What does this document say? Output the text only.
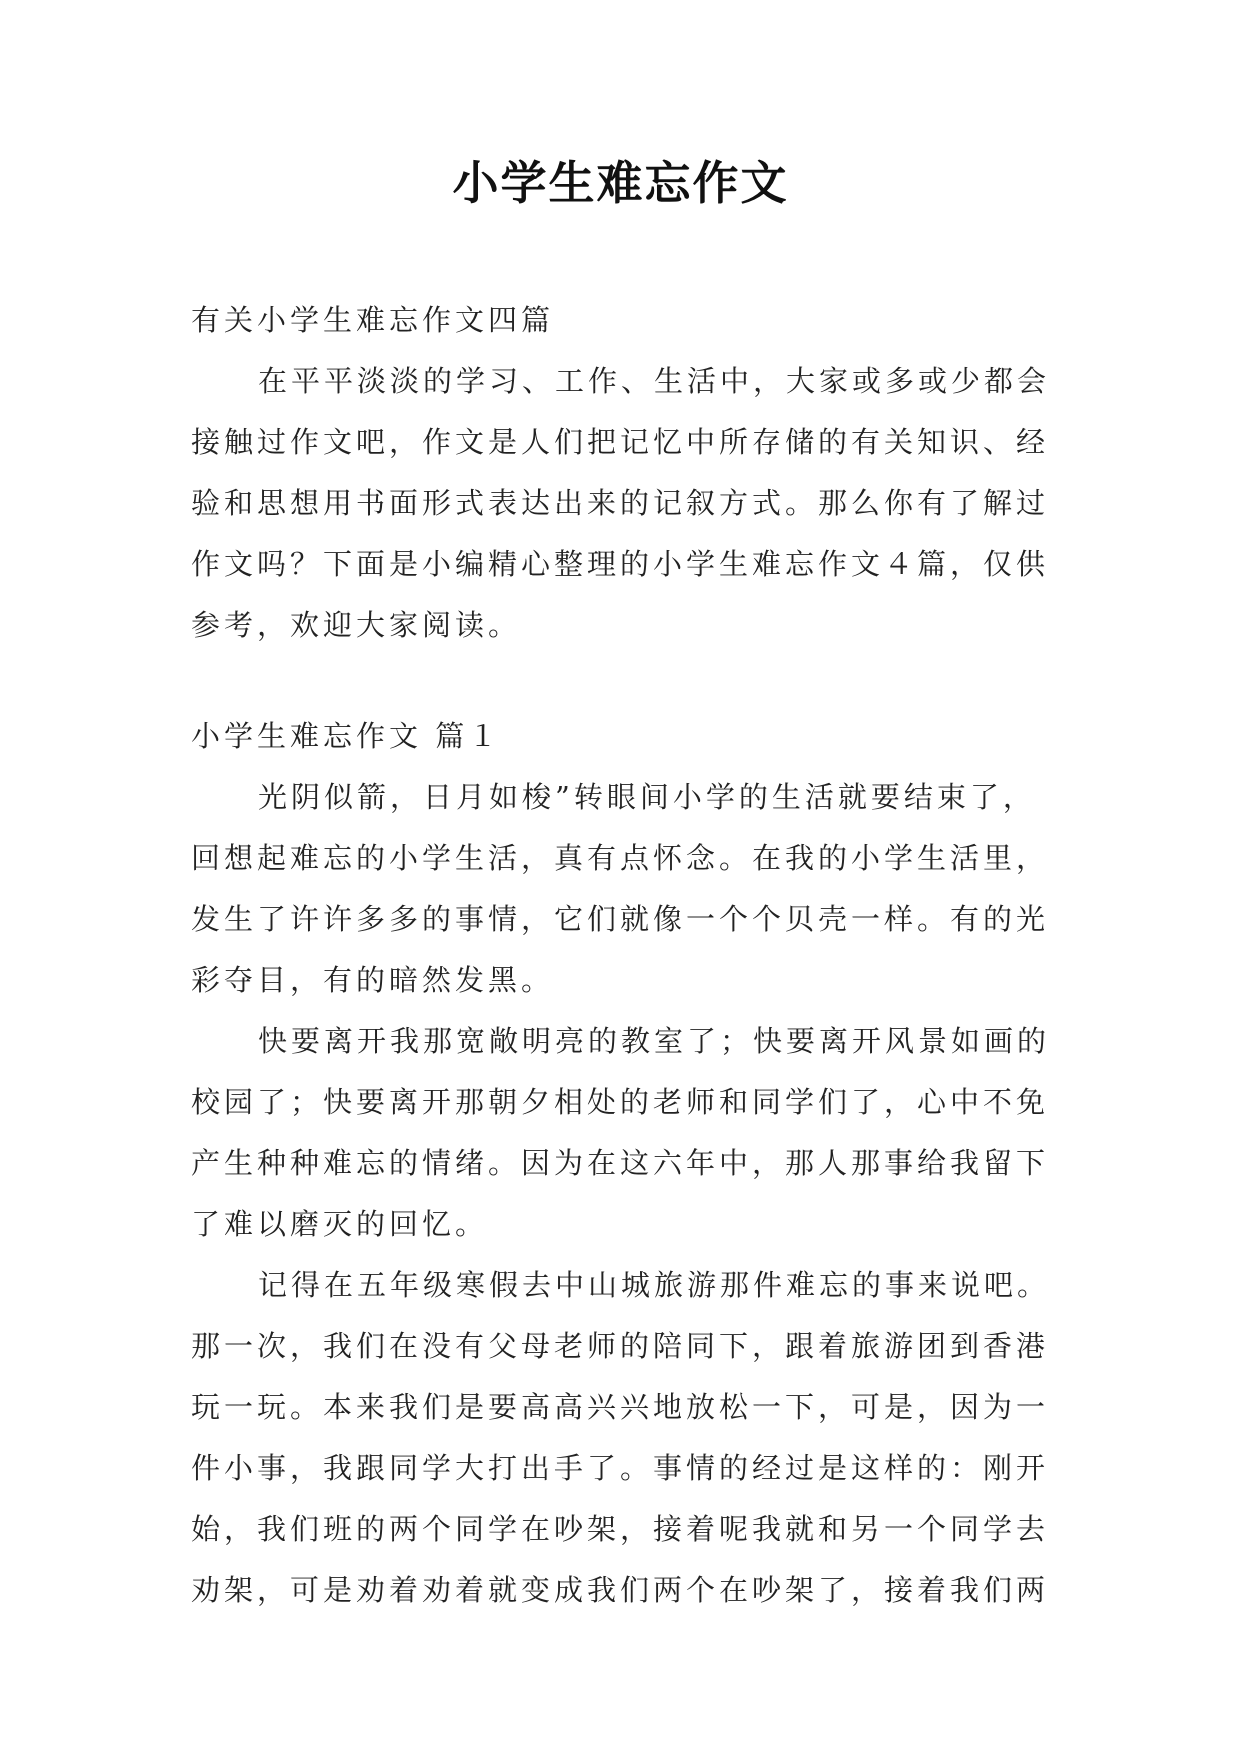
小学生难忘作文

有关小学生难忘作文四篇

在平平淡淡的学习、工作、生活中，大家或多或少都会

接触过作文吧，作文是人们把记忆中所存储的有关知识、经

验和思想用书面形式表达出来的记叙方式。那么你有了解过

作文吗？下面是小编精心整理的小学生难忘作文４篇，仅供

参考，欢迎大家阅读。

小学生难忘作文 篇１

光阴似箭，日月如梭”转眼间小学的生活就要结束了，

回想起难忘的小学生活，真有点怀念。在我的小学生活里，

发生了许许多多的事情，它们就像一个个贝壳一样。有的光

彩夺目，有的暗然发黑。

快要离开我那宽敞明亮的教室了；快要离开风景如画的

校园了；快要离开那朝夕相处的老师和同学们了，心中不免

产生种种难忘的情绪。因为在这六年中，那人那事给我留下

了难以磨灭的回忆。

记得在五年级寒假去中山城旅游那件难忘的事来说吧。

那一次，我们在没有父母老师的陪同下，跟着旅游团到香港

玩一玩。本来我们是要高高兴兴地放松一下，可是，因为一

件小事，我跟同学大打出手了。事情的经过是这样的：刚开

始，我们班的两个同学在吵架，接着呢我就和另一个同学去

劝架，可是劝着劝着就变成我们两个在吵架了，接着我们两
